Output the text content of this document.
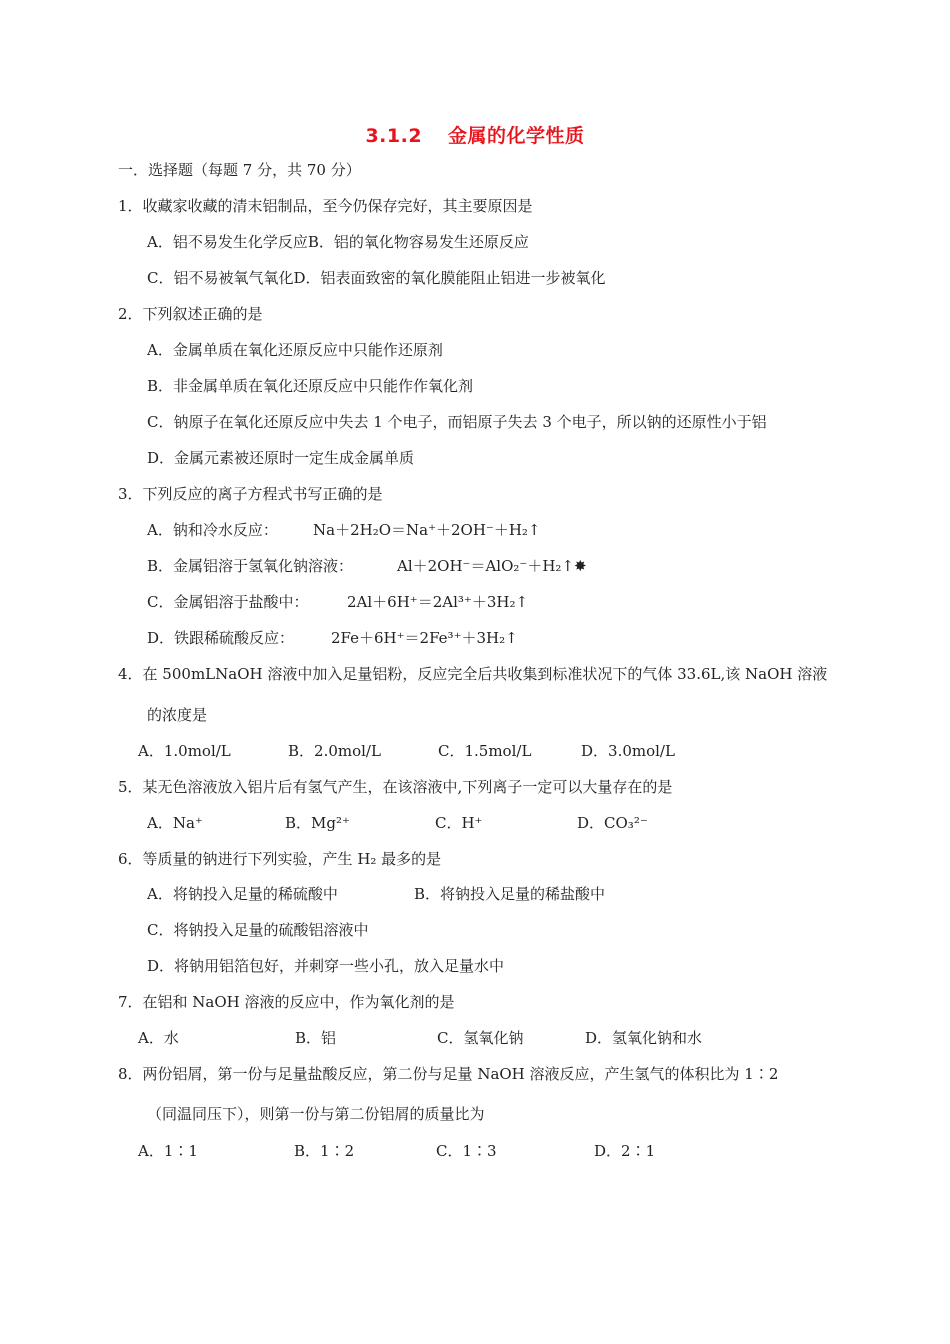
3.1.2 金属的化学性质
一．选择题（每题 7 分，共 70 分）
1．收藏家收藏的清末铝制品，至今仍保存完好，其主要原因是
A．铝不易发生化学反应B．铝的氧化物容易发生还原反应
C．铝不易被氧气氧化D．铝表面致密的氧化膜能阻止铝进一步被氧化
2．下列叙述正确的是
A．金属单质在氧化还原反应中只能作还原剂
B．非金属单质在氧化还原反应中只能作作氧化剂
C．钠原子在氧化还原反应中失去 1 个电子，而铝原子失去 3 个电子，所以钠的还原性小于铝
D．金属元素被还原时一定生成金属单质
3．下列反应的离子方程式书写正确的是
A．钠和冷水反应： Na＋2H₂O＝Na⁺＋2OH⁻＋H₂↑
B．金属铝溶于氢氧化钠溶液：	Al＋2OH⁻＝AlO₂⁻＋H₂↑✸
C．金属铝溶于盐酸中：	2Al＋6H⁺＝2Al³⁺＋3H₂↑
D．铁跟稀硫酸反应： 2Fe＋6H⁺＝2Fe³⁺＋3H₂↑
4．在 500mLNaOH 溶液中加入足量铝粉，反应完全后共收集到标准状况下的气体 33.6L,该 NaOH 溶液
的浓度是
A．1.0mol/L	B．2.0mol/L	C．1.5mol/L	D．3.0mol/L
5．某无色溶液放入铝片后有氢气产生，在该溶液中,下列离子一定可以大量存在的是
A．Na⁺	B．Mg²⁺	C．H⁺	D．CO₃²⁻
6．等质量的钠进行下列实验，产生 H₂ 最多的是
A．将钠投入足量的稀硫酸中	B．将钠投入足量的稀盐酸中
C．将钠投入足量的硫酸铝溶液中
D．将钠用铝箔包好，并刺穿一些小孔，放入足量水中
7．在铝和 NaOH 溶液的反应中，作为氧化剂的是
A．水	B．铝	C．氢氧化钠	D．氢氧化钠和水
8．两份铝屑，第一份与足量盐酸反应，第二份与足量 NaOH 溶液反应，产生氢气的体积比为 1∶2
（同温同压下），则第一份与第二份铝屑的质量比为
A．1∶1	B．1∶2	C．1∶3	D．2∶1
